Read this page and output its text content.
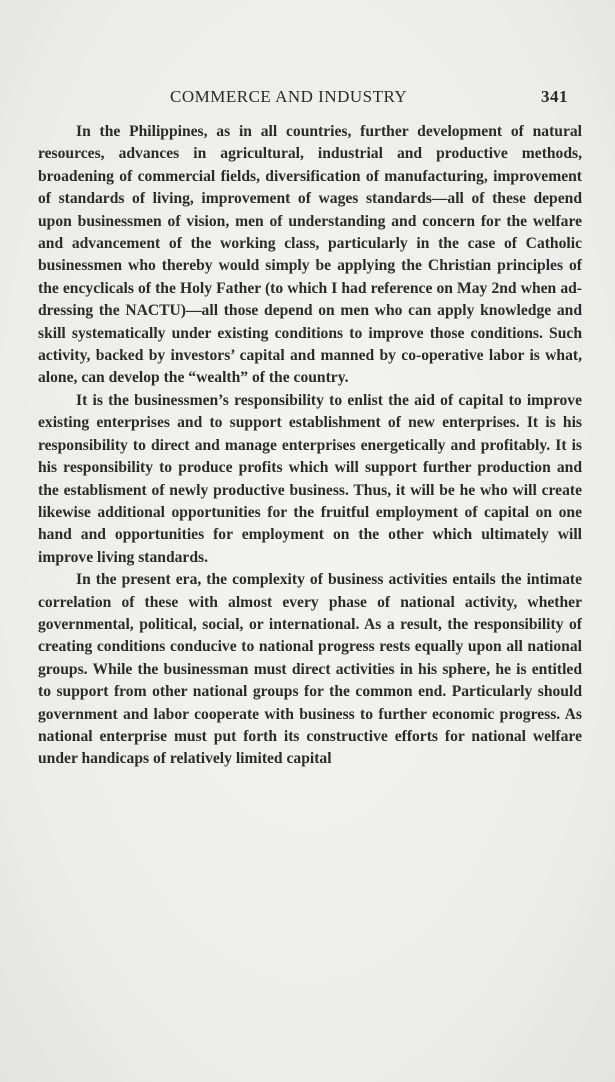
COMMERCE AND INDUSTRY	341

In the Philippines, as in all countries, further development of natural resources, advances in agricultural, industrial and productive methods, broadening of commercial fields, diversification of manufacturing, improvement of standards of living, improvement of wages standards—all of these depend upon businessmen of vision, men of understanding and concern for the welfare and advancement of the working class, particularly in the case of Catholic businessmen who thereby would simply be applying the Christian principles of the encyclicals of the Holy Father (to which I had reference on May 2nd when addressing the NACTU)—all those depend on men who can apply knowledge and skill systematically under existing conditions to improve those conditions. Such activity, backed by investors’ capital and manned by co-operative labor is what, alone, can develop the “wealth” of the country.

It is the businessmen’s responsibility to enlist the aid of capital to improve existing enterprises and to support establishment of new enterprises. It is his responsibility to direct and manage enterprises energetically and profitably. It is his responsibility to produce profits which will support further production and the establisment of newly productive business. Thus, it will be he who will create likewise additional opportunities for the fruitful employment of capital on one hand and opportunities for employment on the other which ultimately will improve living standards.

In the present era, the complexity of business activities entails the intimate correlation of these with almost every phase of national activity, whether governmental, political, social, or international. As a result, the responsibility of creating conditions conducive to national progress rests equally upon all national groups. While the businessman must direct activities in his sphere, he is entitled to support from other national groups for the common end. Particularly should government and labor cooperate with business to further economic progress. As national enterprise must put forth its constructive efforts for national welfare under handicaps of relatively limited capital
